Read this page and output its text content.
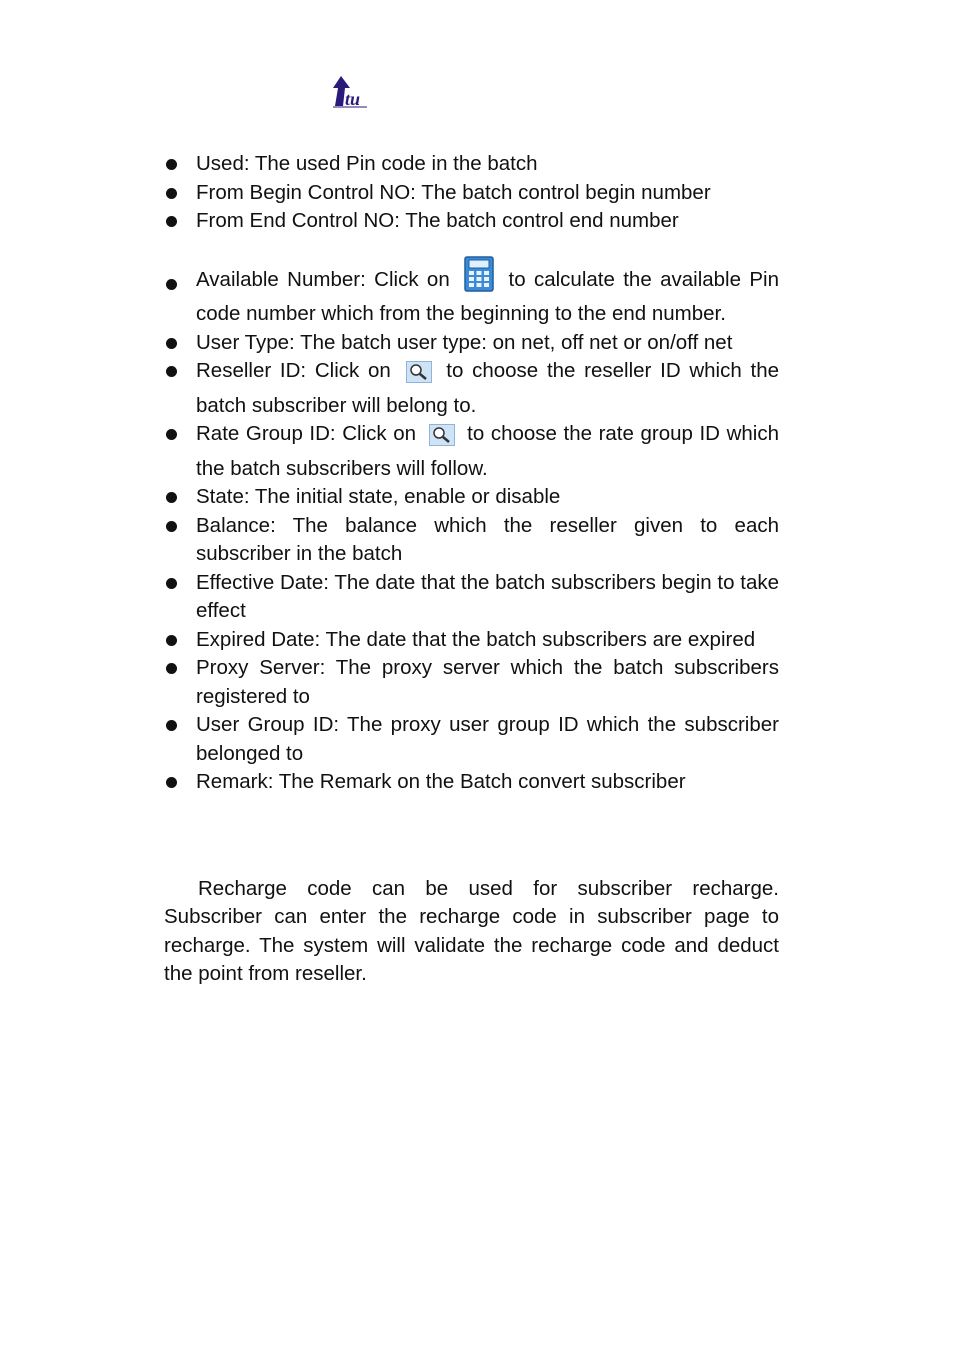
tu
Used: The used Pin code in the batch
From Begin Control NO: The batch control begin number
From End Control NO: The batch control end number
Available Number: Click on	to calculate the available Pin code number which from the beginning to the end number.
User Type: The batch user type: on net, off net or on/off net
Reseller ID: Click on	to choose the reseller ID which the batch subscriber will belong to.
Rate Group ID: Click on to choose the rate group ID which the batch subscribers will follow.
State: The initial state, enable or disable
Balance: The balance which the reseller given to each subscriber in the batch
Effective Date: The date that the batch subscribers begin to take effect
Expired Date: The date that the batch subscribers are expired
Proxy Server: The proxy server which the batch subscribers registered to
User Group ID: The proxy user group ID which the subscriber belonged to
Remark: The Remark on the Batch convert subscriber

Recharge code can be used for subscriber recharge. Subscriber can enter the recharge code in subscriber page to recharge. The system will validate the recharge code and deduct the point from reseller.
